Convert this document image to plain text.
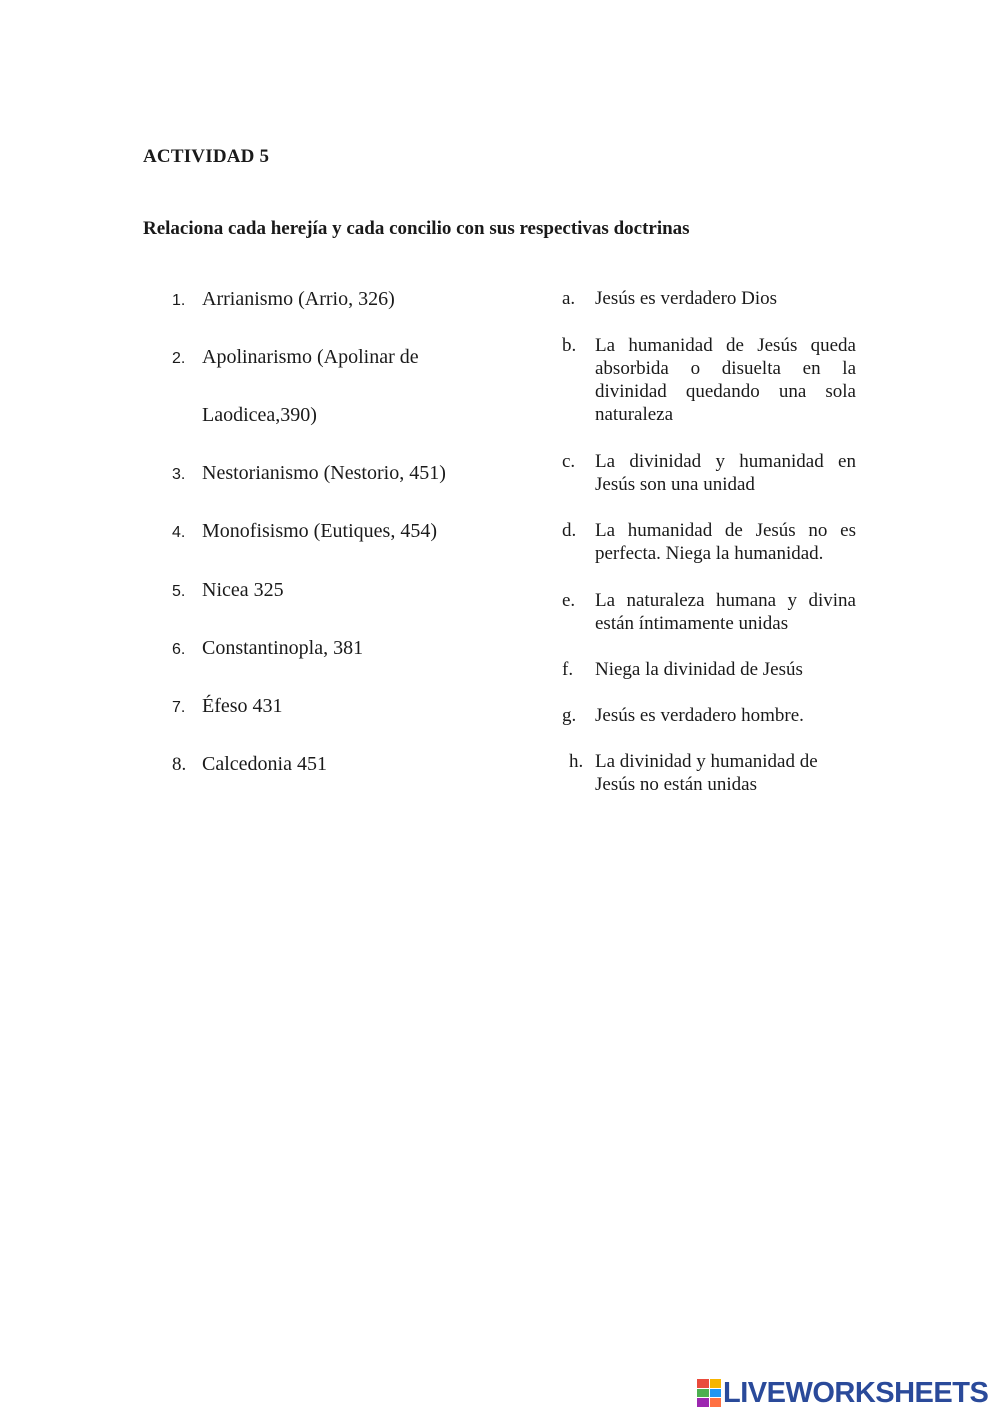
ACTIVIDAD 5
Relaciona cada herejía y cada concilio con sus respectivas doctrinas
1. Arrianismo (Arrio, 326)
2. Apolinarismo (Apolinar de
Laodicea,390)
3. Nestorianismo (Nestorio, 451)
4. Monofisismo (Eutiques, 454)
5. Nicea 325
6. Constantinopla, 381
7. Éfeso 431
8. Calcedonia 451
a.	Jesús es verdadero Dios
b. La humanidad de Jesús queda absorbida o disuelta en la divinidad quedando una sola naturaleza
c.	La divinidad y humanidad en Jesús son una unidad
d. La humanidad de Jesús no es perfecta. Niega la humanidad.
e.	La naturaleza humana y divina están íntimamente unidas
f.	Niega la divinidad de Jesús
g. Jesús es verdadero hombre.
h. La divinidad y humanidad de Jesús no están unidas
LIVEWORKSHEETS
